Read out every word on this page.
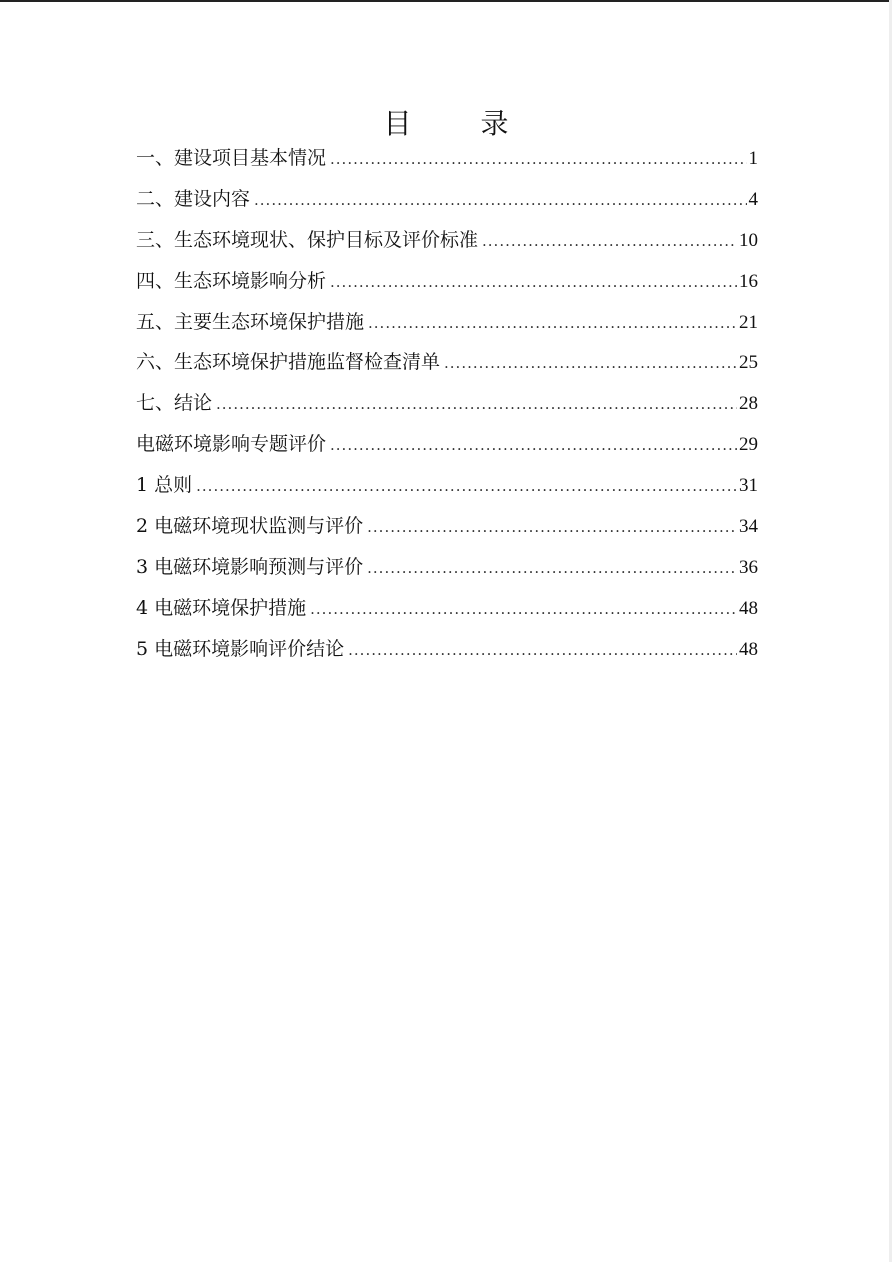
目 录
一、建设项目基本情况 .....	1
二、建设内容 .....	4
三、生态环境现状、保护目标及评价标准 .....	10
四、生态环境影响分析 .....	16
五、主要生态环境保护措施 .....	21
六、生态环境保护措施监督检查清单 .....	25
七、结论 .....	28
电磁环境影响专题评价 .....	29
1 总则 .....	31
2 电磁环境现状监测与评价 .....	34
3 电磁环境影响预测与评价 .....	36
4 电磁环境保护措施 .....	48
5 电磁环境影响评价结论 .....	48
